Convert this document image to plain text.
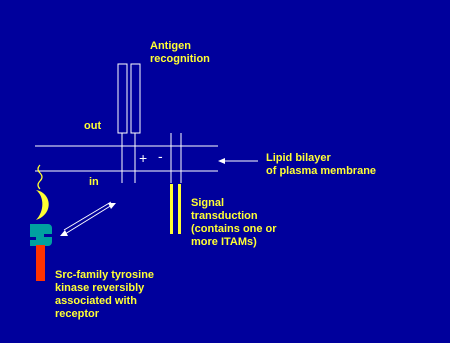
Antigen
recognition
out
in
+ -	Lipid bilayer
of plasma membrane
Signal
transduction
(contains one or
more ITAMs)
Src-family tyrosine
kinase reversibly
associated with
receptor
